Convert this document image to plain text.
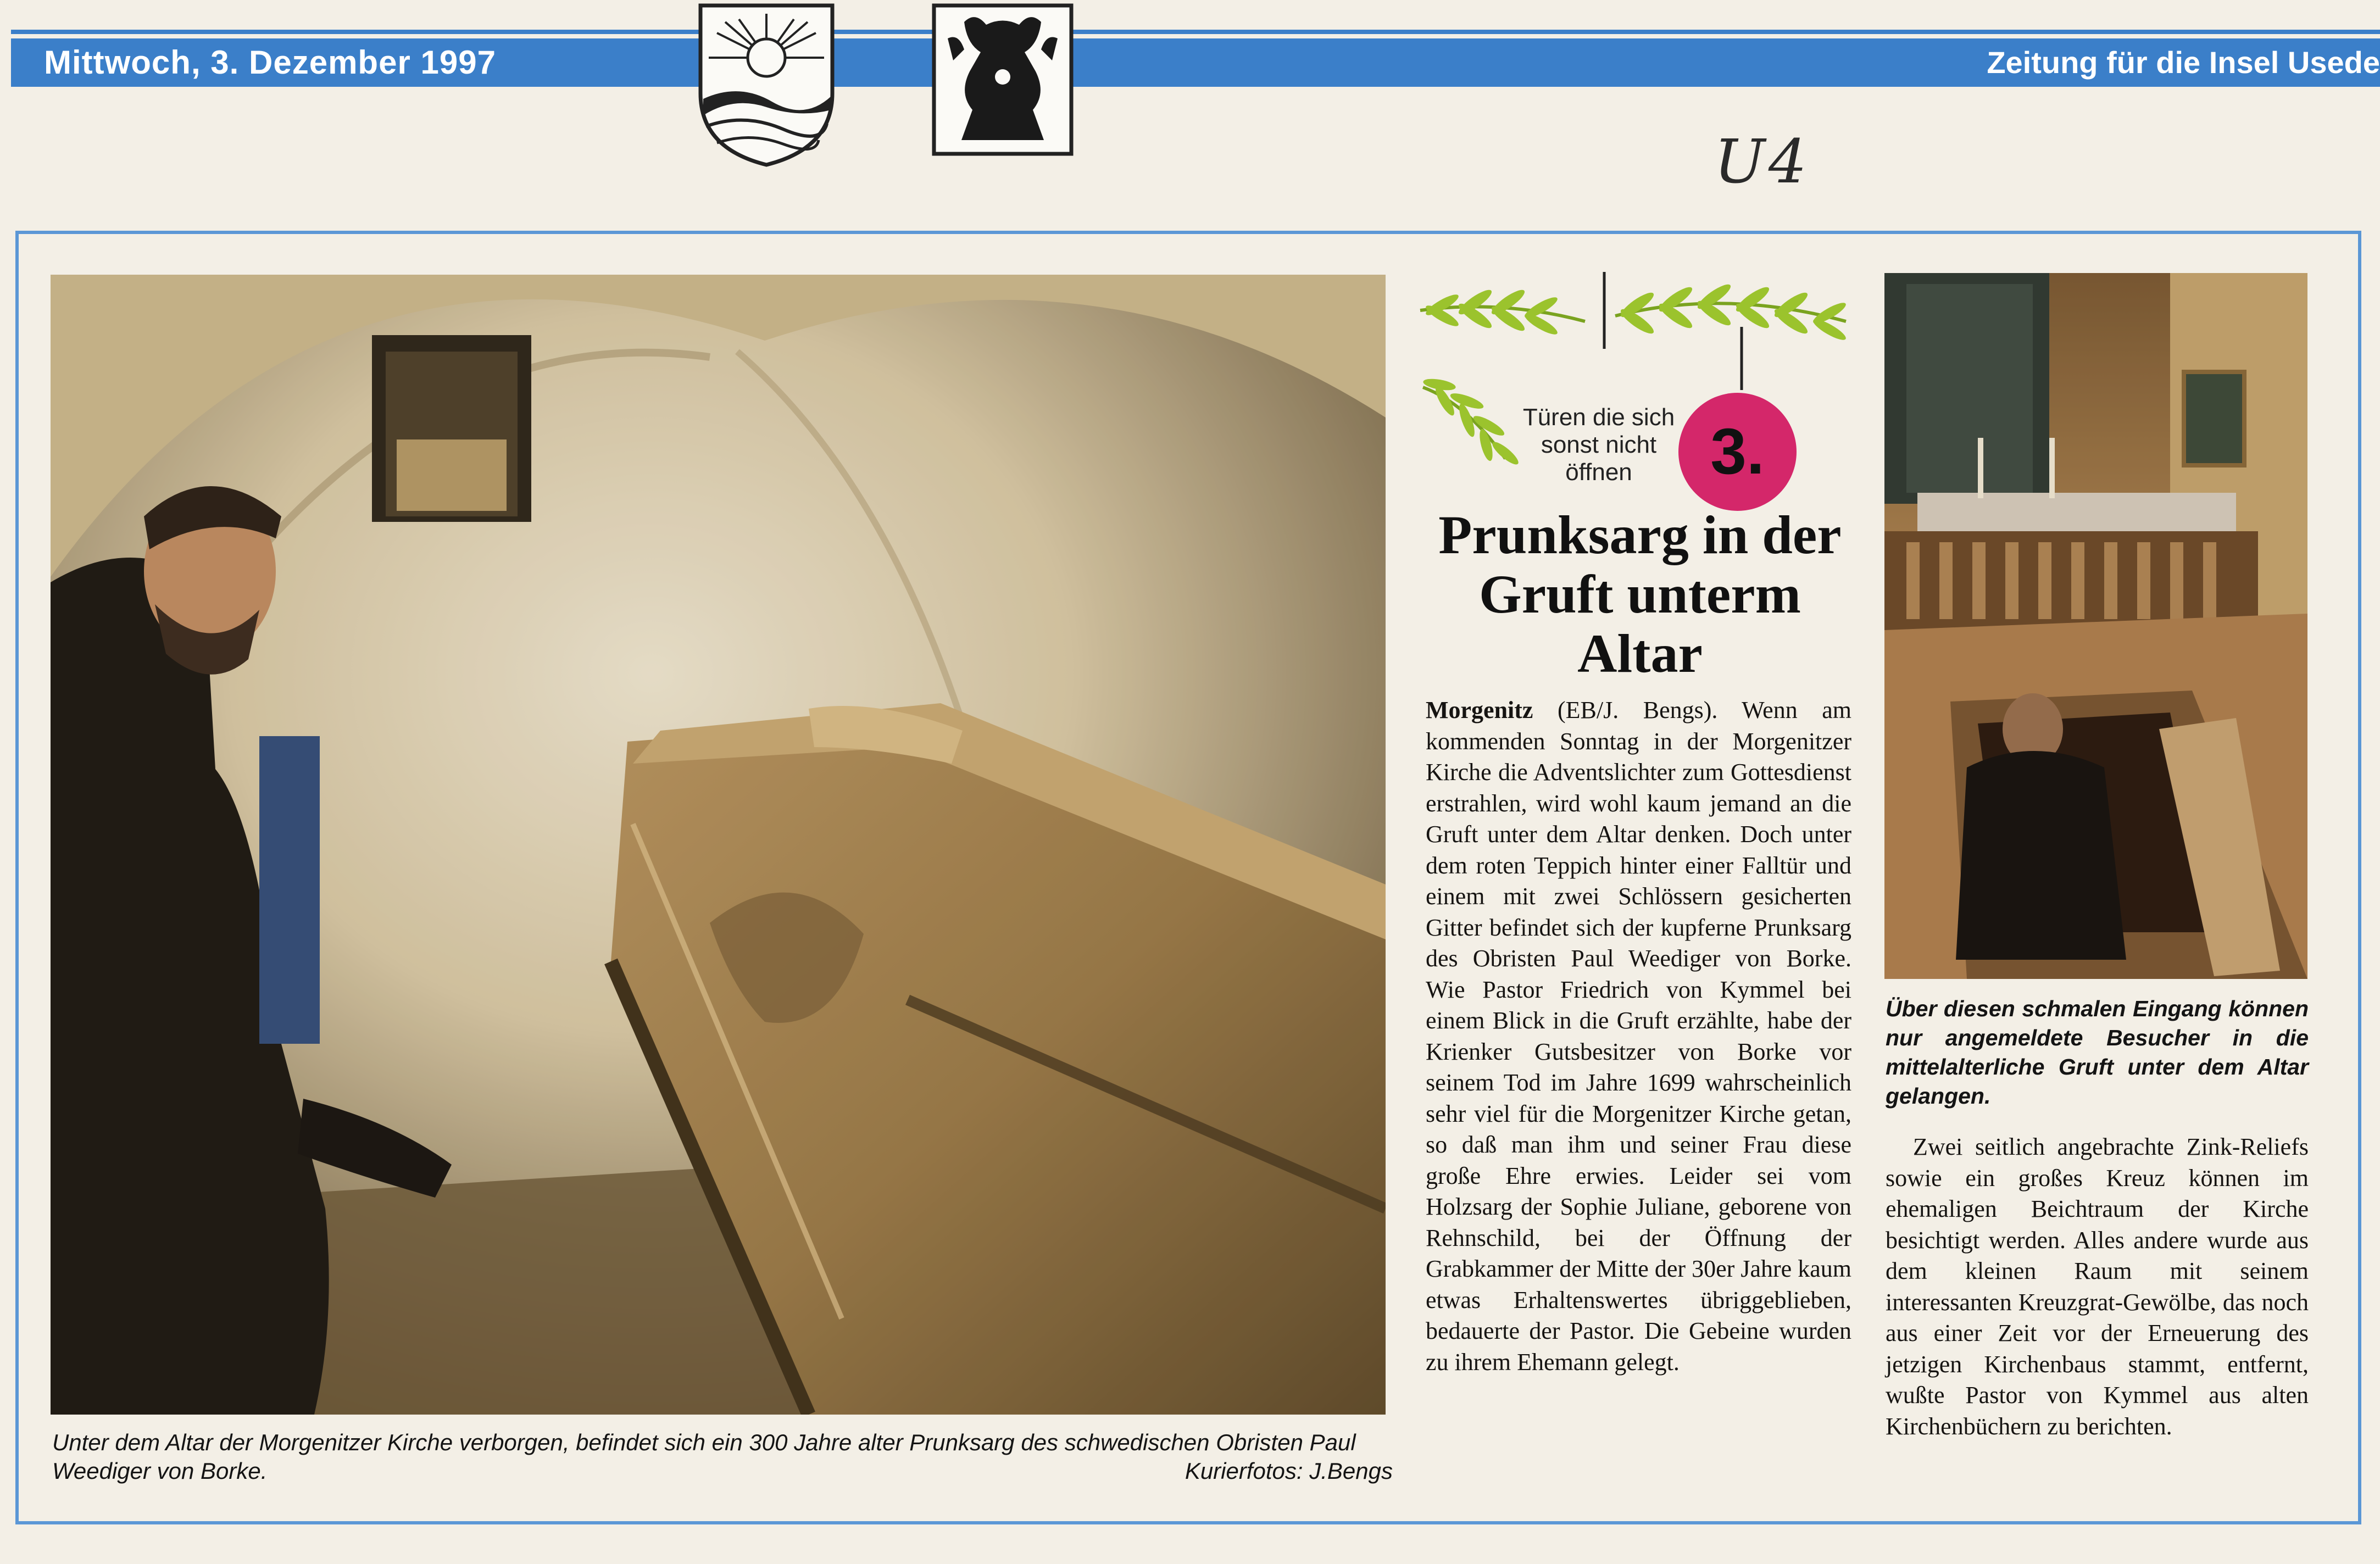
Mittwoch, 3. Dezember 1997	Zeitung für die Insel Usede
U4
Unter dem Altar der Morgenitzer Kirche verborgen, befindet sich ein 300 Jahre alter Prunksarg des schwedischen Obristen Paul Weediger von Borke.	Kurierfotos: J.Bengs
Türen die sich sonst nicht öffnen	3.
Prunksarg in der Gruft unterm Altar
Morgenitz (EB/J. Bengs). Wenn am kommenden Sonntag in der Morgenitzer Kirche die Adventslichter zum Gottesdienst erstrahlen, wird wohl kaum jemand an die Gruft unter dem Altar denken. Doch unter dem roten Teppich hinter einer Falltür und einem mit zwei Schlössern gesicherten Gitter befindet sich der kupferne Prunksarg des Obristen Paul Weediger von Borke. Wie Pastor Friedrich von Kymmel bei einem Blick in die Gruft erzählte, habe der Krienker Gutsbesitzer von Borke vor seinem Tod im Jahre 1699 wahrscheinlich sehr viel für die Morgenitzer Kirche getan, so daß man ihm und seiner Frau diese große Ehre erwies. Leider sei vom Holzsarg der Sophie Juliane, geborene von Rehnschild, bei der Öffnung der Grabkammer der Mitte der 30er Jahre kaum etwas Erhaltenswertes übriggeblieben, bedauerte der Pastor. Die Gebeine wurden zu ihrem Ehemann gelegt.
Über diesen schmalen Eingang können nur angemeldete Besucher in die mittelalterliche Gruft unter dem Altar gelangen.
Zwei seitlich angebrachte Zink-Reliefs sowie ein großes Kreuz können im ehemaligen Beichtraum der Kirche besichtigt werden. Alles andere wurde aus dem kleinen Raum mit seinem interessanten Kreuzgrat-Gewölbe, das noch aus einer Zeit vor der Erneuerung des jetzigen Kirchenbaus stammt, entfernt, wußte Pastor von Kymmel aus alten Kirchenbüchern zu berichten.
